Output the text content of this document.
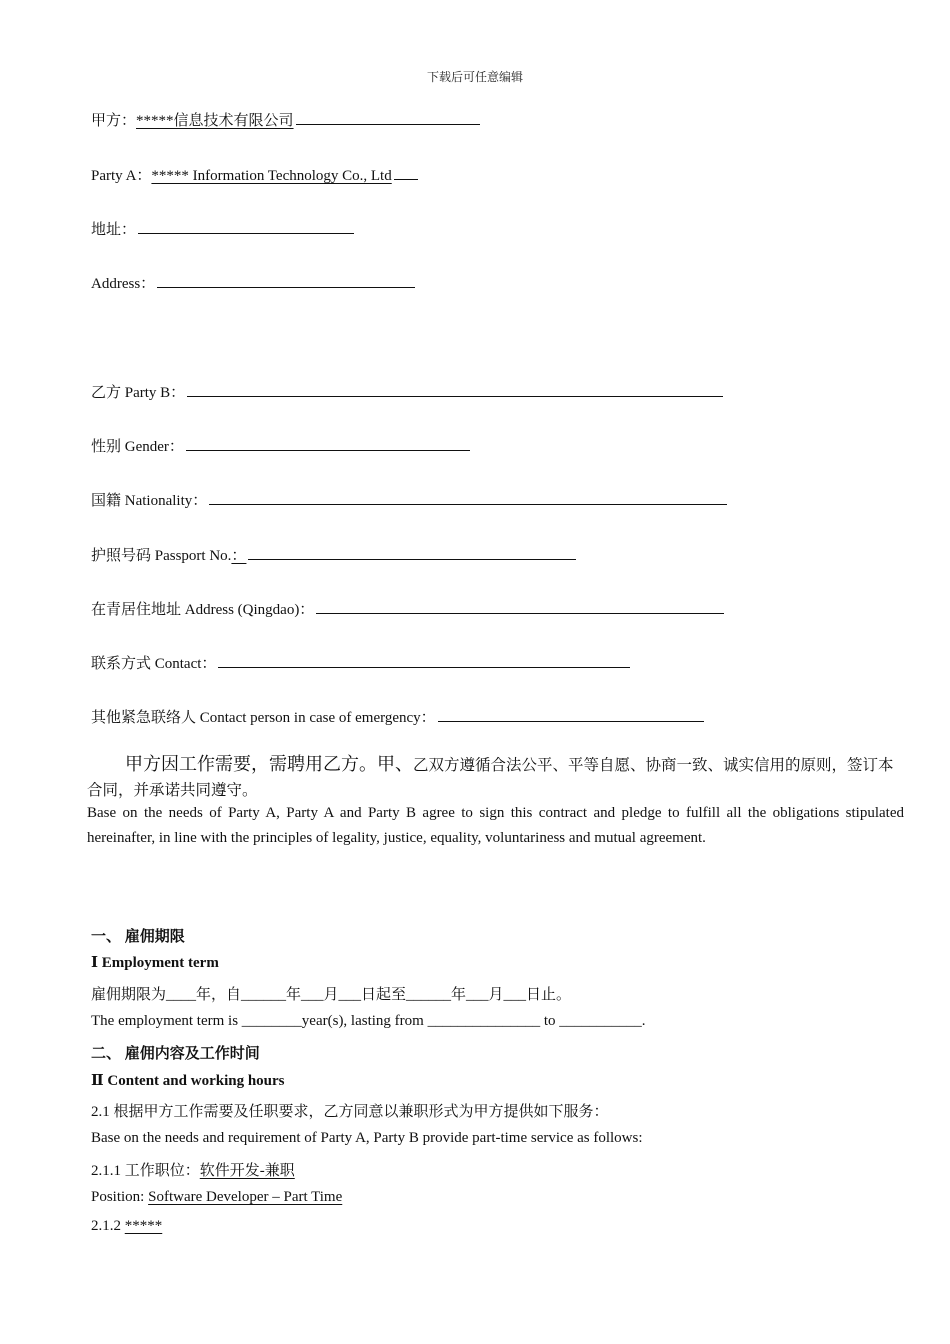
下载后可任意编辑
甲方：*****信息技术有限公司
Party A：***** Information Technology Co., Ltd
地址：
Address：
乙方 Party B：
性别 Gender：
国籍 Nationality：
护照号码 Passport No.：
在青居住地址 Address (Qingdao)：
联系方式 Contact：
其他紧急联络人 Contact person in case of emergency：
甲方因工作需要，需聘用乙方。甲、乙双方遵循合法公平、平等自愿、协商一致、诚实信用的原则，签订本合同，并承诺共同遵守。
Base on the needs of Party A, Party A and Party B agree to sign this contract and pledge to fulfill all the obligations stipulated hereinafter, in line with the principles of legality, justice, equality, voluntariness and mutual agreement.
一、 雇佣期限
Ⅰ Employment term
雇佣期限为____年，自______年___月___日起至______年___月___日止。
The employment term is ________year(s), lasting from _______________ to ___________.
二、 雇佣内容及工作时间
Ⅱ Content and working hours
2.1 根据甲方工作需要及任职要求，乙方同意以兼职形式为甲方提供如下服务：
Base on the needs and requirement of Party A, Party B provide part-time service as follows:
2.1.1 工作职位：软件开发-兼职
Position: Software Developer – Part Time
2.1.2 *****
